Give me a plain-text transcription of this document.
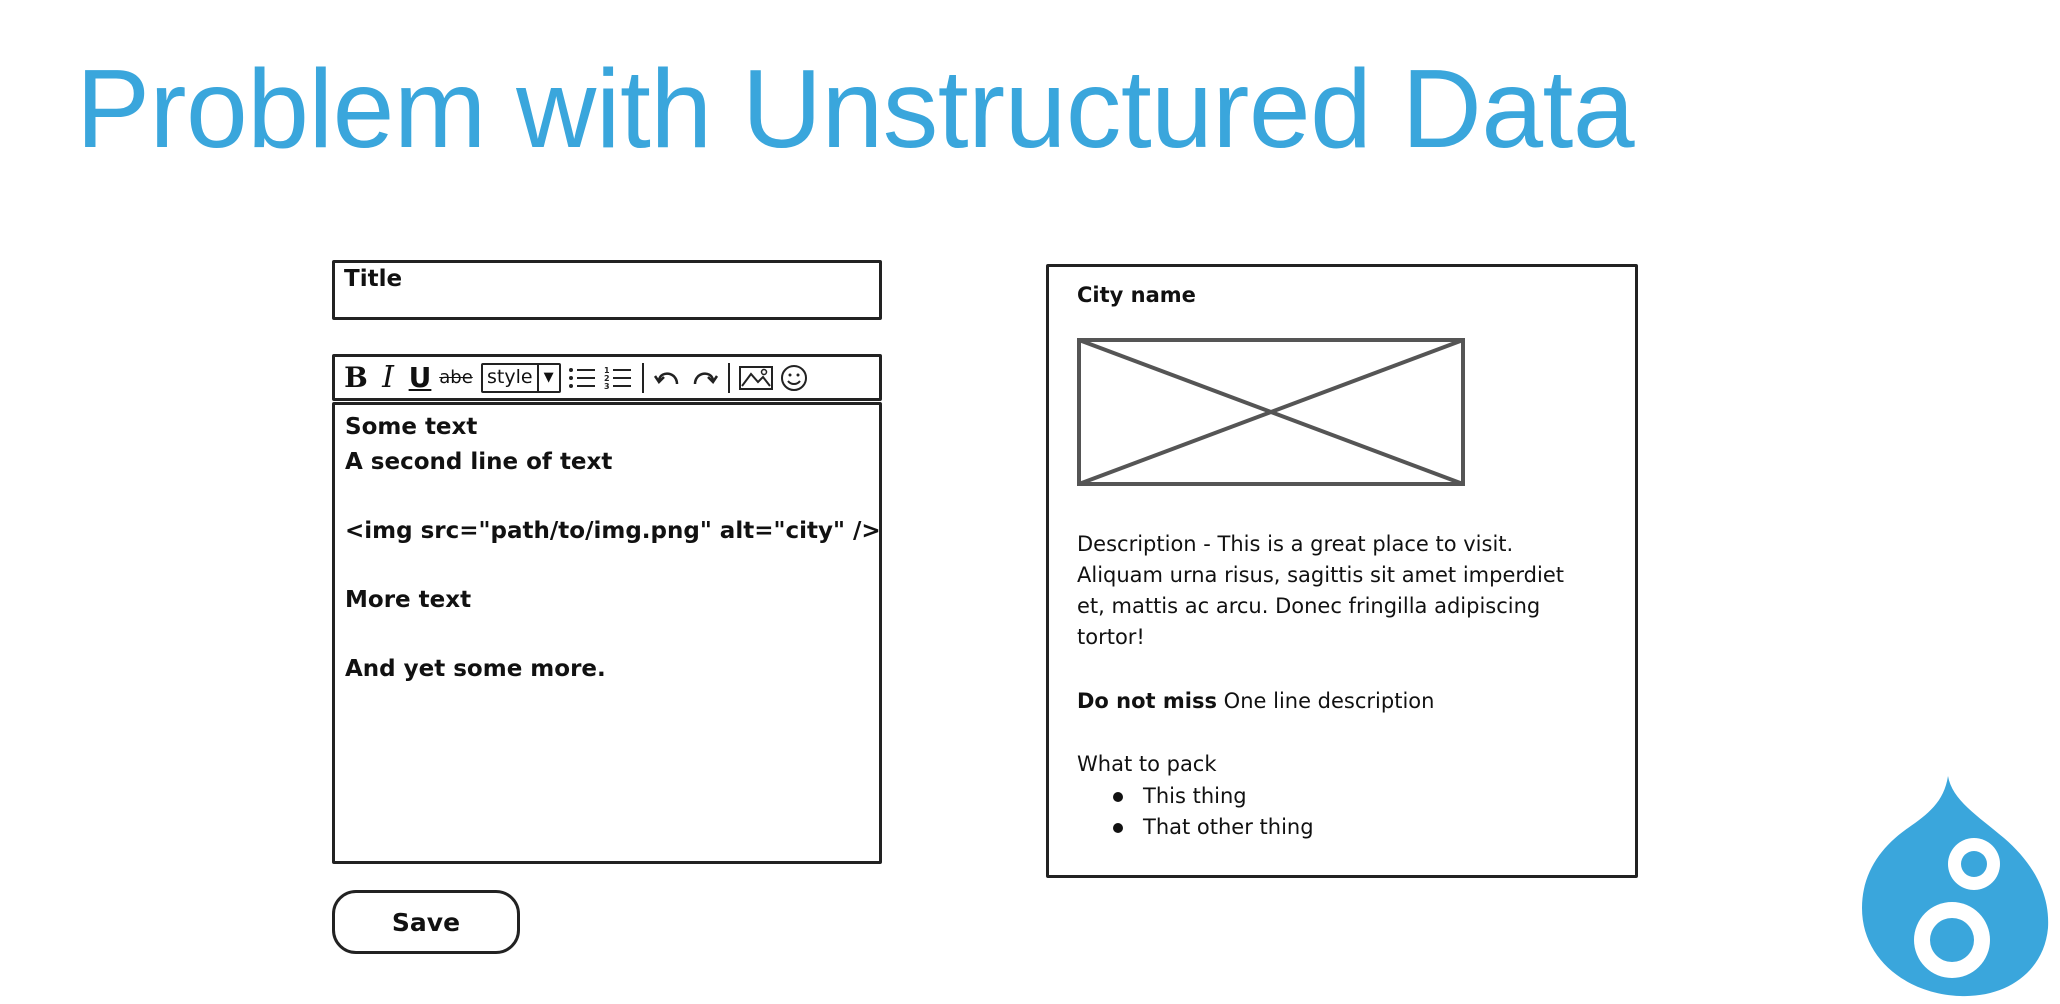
Problem with Unstructured Data
Title
B I U abe style ▼	1
2
3
Some text
A second line of text
<img src="path/to/img.png" alt="city" />
More text
And yet some more.
Save
City name
Description - This is a great place to visit.
Aliquam urna risus, sagittis sit amet imperdiet
et, mattis ac arcu. Donec fringilla adipiscing
tortor!
Do not miss One line description
What to pack
This thing
That other thing
